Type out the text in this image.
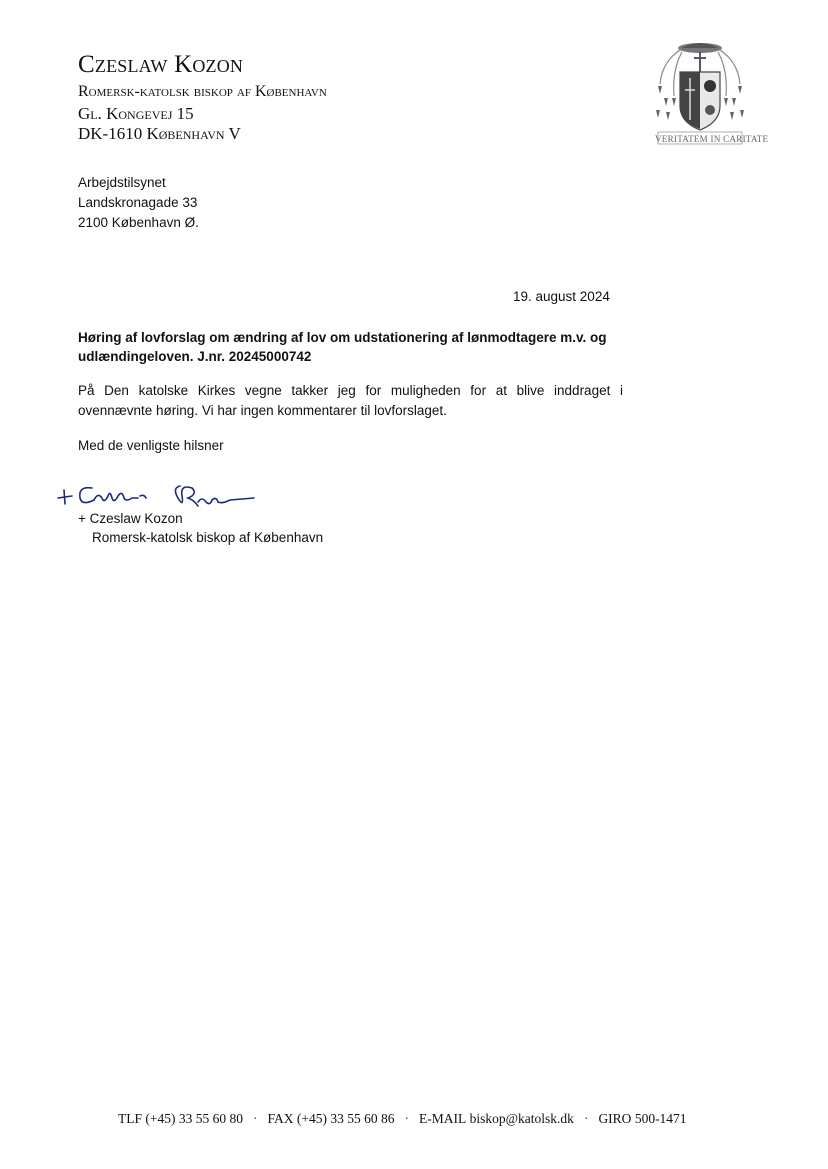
Czeslaw Kozon
Romersk-katolsk biskop af København
Gl. Kongevej 15
DK-1610 København V	VERITATEM IN CARITATE
Arbejdstilsynet
Landskronagade 33
2100 København Ø.
19. august 2024
Høring af lovforslag om ændring af lov om udstationering af lønmodtagere m.v. og udlændingeloven. J.nr. 20245000742
På Den katolske Kirkes vegne takker jeg for muligheden for at blive inddraget i ovennævnte høring. Vi har ingen kommentarer til lovforslaget.
Med de venligste hilsner
+ Czeslaw Kozon
Romersk-katolsk biskop af København
TLF
(+45) 33 55 60 80 · FAX
(+45) 33 55 60 86 · E-MAIL
biskop@katolsk.dk · GIRO
500-1471
